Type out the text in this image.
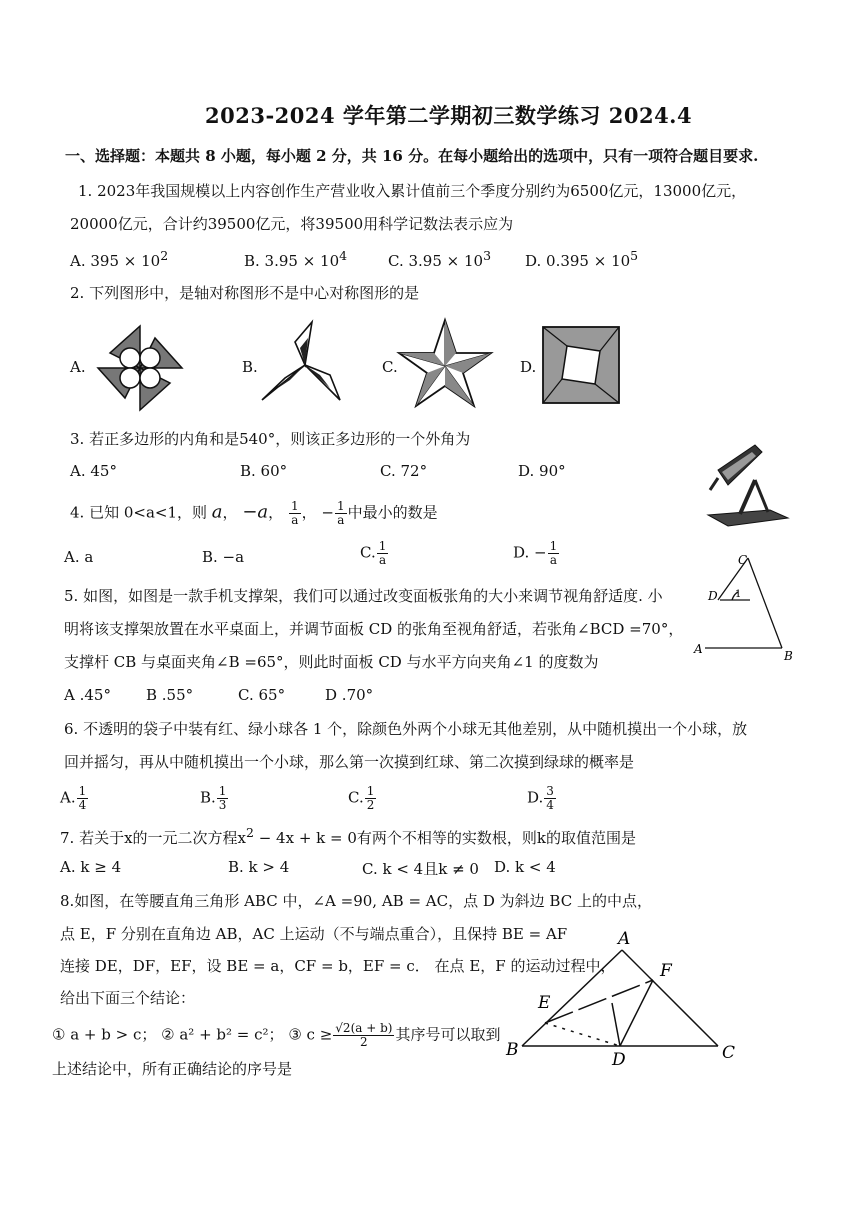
2023-2024 学年第二学期初三数学练习 2024.4
一、选择题：本题共 8 小题，每小题 2 分，共 16 分。在每小题给出的选项中，只有一项符合题目要求.
1. 2023年我国规模以上内容创作生产营业收入累计值前三个季度分别约为6500亿元，13000亿元，
20000亿元，合计约39500亿元，将39500用科学记数法表示应为
A. $395 \times 10^2$	B. $3.95 \times 10^4$	C. $3.95 \times 10^3$ D. $0.395 \times 10^5$
2. 下列图形中，是轴对称图形不是中心对称图形的是
A.	B.	C.	D.
3. 若正多边形的内角和是540°，则该正多边形的一个外角为
A. 45°	B. 60°	C. 72°	D. 90°
4. 已知 0<a<1，则 a， −a， $\frac{1}{a}$ ， − $\frac{1}{a}$ 中最小的数是
A. a	B. −a	C. $\frac{1}{a}$	D. − $\frac{1}{a}$	C
D 1
A	B
5. 如图，如图是一款手机支撑架，我们可以通过改变面板张角的大小来调节视角舒适度. 小
明将该支撑架放置在水平桌面上，并调节面板 CD 的张角至视角舒适，若张角∠BCD =70°，
支撑杆 CB 与桌面夹角∠B =65°，则此时面板 CD 与水平方向夹角∠1 的度数为
A .45° B .55°	C. 65°	D .70°
6. 不透明的袋子中装有红、绿小球各 1 个，除颜色外两个小球无其他差别，从中随机摸出一个小球，放
回并摇匀，再从中随机摸出一个小球，那么第一次摸到红球、第二次摸到绿球的概率是
A. $\frac{1}{4}$	B. $\frac{1}{3}$	C. $\frac{1}{2}$	D. $\frac{3}{4}$
7. 若关于x的一元二次方程$x^2 - 4x + k = 0$有两个不相等的实数根，则k的取值范围是
A. k ≥ 4	B. k > 4	C. k < 4且k ≠ 0 D. k < 4
8.如图，在等腰直角三角形 ABC 中，∠A =90, AB = AC，点 D 为斜边 BC 上的中点，
点 E，F 分别在直角边 AB，AC 上运动（不与端点重合），且保持 BE = AF
连接 DE，DF，EF，设 BE = a，CF = b，EF = c． 在点 E，F 的运动过程中，
给出下面三个结论：
① a + b > c； ② a² + b² = c²； ③ $c \ge \frac{√2(a + b)}{2}$ 其序号可以取到
上述结论中，所有正确结论的序号是
A
B	C
D
E
F
